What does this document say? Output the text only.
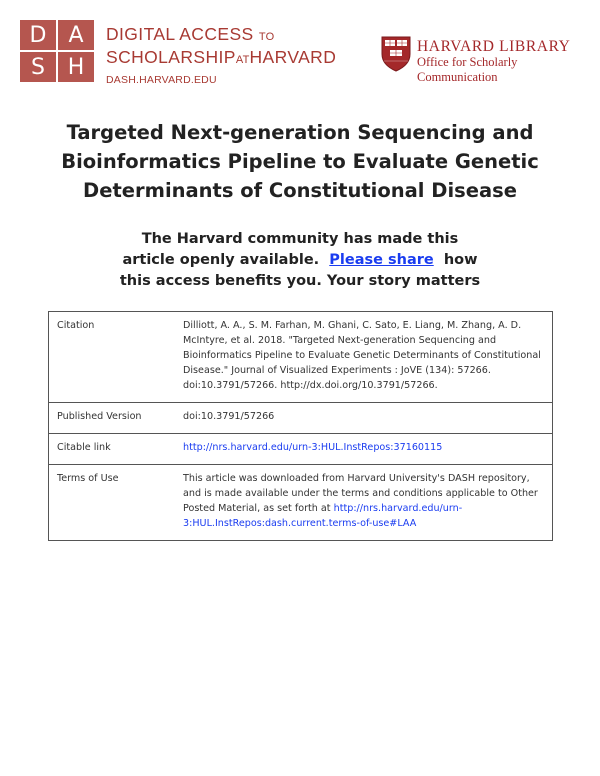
D	A
S	H
DIGITAL ACCESS TO
SCHOLARSHIPATHARVARD
DASH.HARVARD.EDU
HARVARD LIBRARY
Office for Scholarly Communication
Targeted Next-generation Sequencing and Bioinformatics Pipeline to Evaluate Genetic Determinants of Constitutional Disease
The Harvard community has made this
article openly available. Please share how
this access benefits you. Your story matters
Citation	Dilliott, A. A., S. M. Farhan, M. Ghani, C. Sato, E. Liang, M. Zhang, A. D. McIntyre, et al. 2018. "Targeted Next-generation Sequencing and Bioinformatics Pipeline to Evaluate Genetic Determinants of Constitutional Disease." Journal of Visualized Experiments : JoVE (134): 57266. doi:10.3791/57266. http://dx.doi.org/10.3791/57266.
Published Version	doi:10.3791/57266
Citable link	http://nrs.harvard.edu/urn-3:HUL.InstRepos:37160115
Terms of Use	This article was downloaded from Harvard University's DASH repository, and is made available under the terms and conditions applicable to Other Posted Material, as set forth at http://nrs.harvard.edu/urn-3:HUL.InstRepos:dash.current.terms-of-use#LAA
